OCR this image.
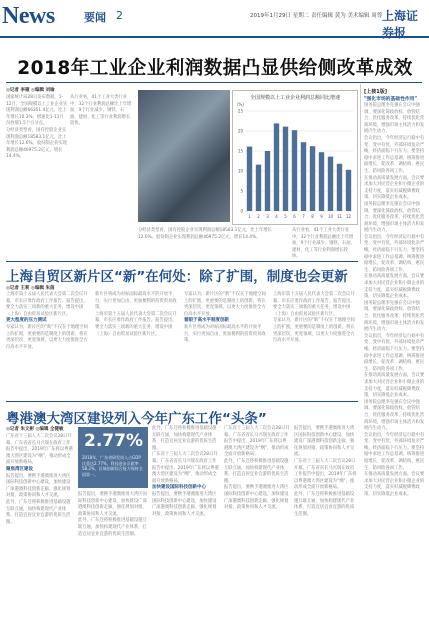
News	要闻 2	2019年1月29日 星期二 责任编辑 黄为 美术编辑 周尊 上海证券报
2018年工业企业利润数据凸显供给侧改革成效
◎记者 李雁 ◎编辑 刘瑜

国家统计局28日发布数据，1-12月，全国规模以上工业企业实现利润总额66351.4亿元，比上年增长10.3%，增速比1-11月份放缓1.5个百分点。

分经济类型看，国有控股企业实现利润总额18583.1亿元，比上年增长12.6%。股份制企业实现利润总额46975.2亿元，增长14.4%。

从行业看，41个工业大类行业中，32个行业利润总额比上年增加，9个行业减少。钢铁、石油、建材、化工等行业利润增长较快。

全国规模以上工业企业利润总额同比增速
(%)
0
5
10
15
20
25
1 2 3 4 5 6 7 8 9 10 11 12

分经济类型看，国有控股企业实现利润总额18583.1亿元，比上年增长12.6%。股份制企业实现利润总额46975.2亿元，增长14.4%。

从行业看，41个工业大类行业中，32个行业利润总额比上年增加，9个行业减少。钢铁、石油、建材、化工等行业利润增长较快。

[上接1版]
"强化市场的基础性作用"

国务院总理李克强在会议中强调，要深化简政放权、放管结合、优化服务改革，持续优化营商环境，增强市场主体活力和发展内生动力。

会议指出，今年经济运行稳中有变、变中有忧，外部环境复杂严峻，经济面临下行压力。要坚持稳中求进工作总基调，统筹推进稳增长、促改革、调结构、惠民生、防风险各项工作。

在推动高质量发展方面，会议要求加大对民营企业和小微企业的支持力度，落实好减税降费政策，切实降低企业成本。

国务院总理李克强在会议中强调，要深化简政放权、放管结合、优化服务改革，持续优化营商环境，增强市场主体活力和发展内生动力。

会议指出，今年经济运行稳中有变、变中有忧，外部环境复杂严峻，经济面临下行压力。要坚持稳中求进工作总基调，统筹推进稳增长、促改革、调结构、惠民生、防风险各项工作。

在推动高质量发展方面，会议要求加大对民营企业和小微企业的支持力度，落实好减税降费政策，切实降低企业成本。

国务院总理李克强在会议中强调，要深化简政放权、放管结合、优化服务改革，持续优化营商环境，增强市场主体活力和发展内生动力。

会议指出，今年经济运行稳中有变、变中有忧，外部环境复杂严峻，经济面临下行压力。要坚持稳中求进工作总基调，统筹推进稳增长、促改革、调结构、惠民生、防风险各项工作。

在推动高质量发展方面，会议要求加大对民营企业和小微企业的支持力度，落实好减税降费政策，切实降低企业成本。

国务院总理李克强在会议中强调，要深化简政放权、放管结合、优化服务改革，持续优化营商环境，增强市场主体活力和发展内生动力。

会议指出，今年经济运行稳中有变、变中有忧，外部环境复杂严峻，经济面临下行压力。要坚持稳中求进工作总基调，统筹推进稳增长、促改革、调结构、惠民生、防风险各项工作。

在推动高质量发展方面，会议要求加大对民营企业和小微企业的支持力度，落实好减税降费政策，切实降低企业成本。

上海自贸区新片区“新”在何处：除了扩围，制度也会更新
◎记者 王莉 ◎编辑 朱茵

上海市第十五届人民代表大会第二次会议开幕，市长应勇作政府工作报告。报告提出，要全力落实三项新的重大任务，增设中国（上海）自由贸易试验区新片区。

更大程度的压力测试

专家认为，新片区的“新”不仅在于地理空间上的扩围，更重要的是制度上的创新，将在更深层次、更宽领域，以更大力度推进全方位高水平开放。

新片区将成为对标国际最高水平的开放平台，实行更加自由、更加便利的投资贸易政策。

上海市第十五届人民代表大会第二次会议开幕，市长应勇作政府工作报告。报告提出，要全力落实三项新的重大任务，增设中国（上海）自由贸易试验区新片区。

专家认为，新片区的“新”不仅在于地理空间上的扩围，更重要的是制度上的创新，将在更深层次、更宽领域，以更大力度推进全方位高水平开放。

着眼于高水平制度创新

新片区将成为对标国际最高水平的开放平台，实行更加自由、更加便利的投资贸易政策。

上海市第十五届人民代表大会第二次会议开幕，市长应勇作政府工作报告。报告提出，要全力落实三项新的重大任务，增设中国（上海）自由贸易试验区新片区。

专家认为，新片区的“新”不仅在于地理空间上的扩围，更重要的是制度上的创新，将在更深层次、更宽领域，以更大力度推进全方位高水平开放。

粤港澳大湾区建设列入今年广东工作“头条”
◎记者 朱文彬 ◎编辑 全健敏

广东省十三届人大二次会议28日开幕。广东省省长马兴瑞在政府工作报告中提出，2019年广东将以粤港澳大湾区建设为“纲”，推动形成全面开放新格局。

聚焦湾区建设

报告提出，要携手港澳推进大湾区国际科技创新中心建设，加快建设广深港澳科技创新走廊，强化规划对接、政策协同和人才交流。

此外，广东还将积极推进基础设施互联互通，加快构建现代产业体系，打造宜居宜业宜游的优质生活圈。

2.77%
2018年，广东省研发投入占GDP比重达2.77%，科技进步贡献率58.2%，区域创新综合能力保持全国第一。

报告提出，要携手港澳推进大湾区国际科技创新中心建设，加快建设广深港澳科技创新走廊，强化规划对接、政策协同和人才交流。

此外，广东还将积极推进基础设施互联互通，加快构建现代产业体系，打造宜居宜业宜游的优质生活圈。

此外，广东还将积极推进基础设施互联互通，加快构建现代产业体系，打造宜居宜业宜游的优质生活圈。

广东省十三届人大二次会议28日开幕。广东省省长马兴瑞在政府工作报告中提出，2019年广东将以粤港澳大湾区建设为“纲”，推动形成全面开放新格局。

加快建设国际科技创新中心

报告提出，要携手港澳推进大湾区国际科技创新中心建设，加快建设广深港澳科技创新走廊，强化规划对接、政策协同和人才交流。

广东省十三届人大二次会议28日开幕。广东省省长马兴瑞在政府工作报告中提出，2019年广东将以粤港澳大湾区建设为“纲”，推动形成全面开放新格局。

此外，广东还将积极推进基础设施互联互通，加快构建现代产业体系，打造宜居宜业宜游的优质生活圈。

报告提出，要携手港澳推进大湾区国际科技创新中心建设，加快建设广深港澳科技创新走廊，强化规划对接、政策协同和人才交流。

报告提出，要携手港澳推进大湾区国际科技创新中心建设，加快建设广深港澳科技创新走廊，强化规划对接、政策协同和人才交流。

广东省十三届人大二次会议28日开幕。广东省省长马兴瑞在政府工作报告中提出，2019年广东将以粤港澳大湾区建设为“纲”，推动形成全面开放新格局。

此外，广东还将积极推进基础设施互联互通，加快构建现代产业体系，打造宜居宜业宜游的优质生活圈。
